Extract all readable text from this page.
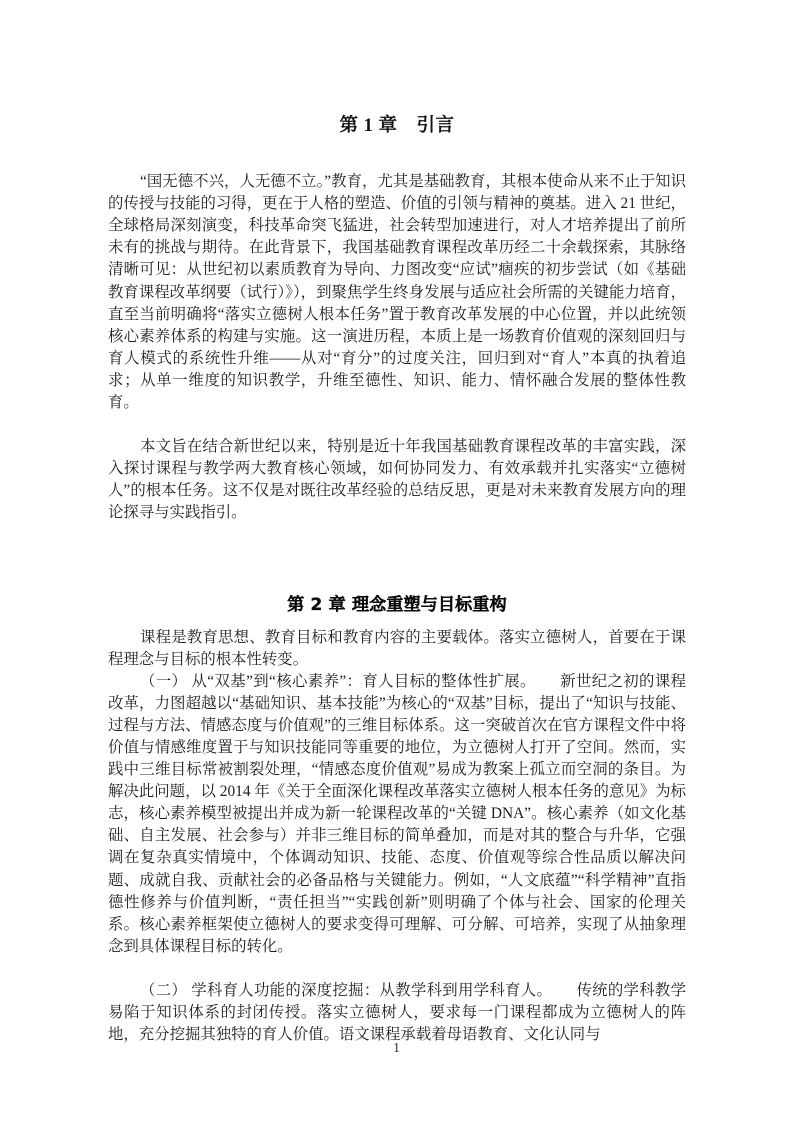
第 1 章　引言

“国无德不兴，人无德不立。”教育，尤其是基础教育，其根本使命从来不止于知识的传授与技能的习得，更在于人格的塑造、价值的引领与精神的奠基。进入 21 世纪，全球格局深刻演变，科技革命突飞猛进，社会转型加速进行，对人才培养提出了前所未有的挑战与期待。在此背景下，我国基础教育课程改革历经二十余载探索，其脉络清晰可见：从世纪初以素质教育为导向、力图改变“应试”痼疾的初步尝试（如《基础教育课程改革纲要（试行）》），到聚焦学生终身发展与适应社会所需的关键能力培育，直至当前明确将“落实立德树人根本任务”置于教育改革发展的中心位置，并以此统领核心素养体系的构建与实施。这一演进历程，本质上是一场教育价值观的深刻回归与育人模式的系统性升维——从对“育分”的过度关注，回归到对“育人”本真的执着追求；从单一维度的知识教学，升维至德性、知识、能力、情怀融合发展的整体性教育。

本文旨在结合新世纪以来，特别是近十年我国基础教育课程改革的丰富实践，深入探讨课程与教学两大教育核心领域，如何协同发力、有效承载并扎实落实“立德树人”的根本任务。这不仅是对既往改革经验的总结反思，更是对未来教育发展方向的理论探寻与实践指引。

第 2 章 理念重塑与目标重构

课程是教育思想、教育目标和教育内容的主要载体。落实立德树人，首要在于课程理念与目标的根本性转变。

（一） 从“双基”到“核心素养”：育人目标的整体性扩展。 新世纪之初的课程改革，力图超越以“基础知识、基本技能”为核心的“双基”目标，提出了“知识与技能、过程与方法、情感态度与价值观”的三维目标体系。这一突破首次在官方课程文件中将价值与情感维度置于与知识技能同等重要的地位，为立德树人打开了空间。然而，实践中三维目标常被割裂处理，“情感态度价值观”易成为教案上孤立而空洞的条目。为解决此问题，以 2014 年《关于全面深化课程改革落实立德树人根本任务的意见》为标志，核心素养模型被提出并成为新一轮课程改革的“关键 DNA”。核心素养（如文化基础、自主发展、社会参与）并非三维目标的简单叠加，而是对其的整合与升华，它强调在复杂真实情境中，个体调动知识、技能、态度、价值观等综合性品质以解决问题、成就自我、贡献社会的必备品格与关键能力。例如，“人文底蕴”“科学精神”直指德性修养与价值判断，“责任担当”“实践创新”则明确了个体与社会、国家的伦理关系。核心素养框架使立德树人的要求变得可理解、可分解、可培养，实现了从抽象理念到具体课程目标的转化。

（二） 学科育人功能的深度挖掘：从教学科到用学科育人。 传统的学科教学易陷于知识体系的封闭传授。落实立德树人，要求每一门课程都成为立德树人的阵地，充分挖掘其独特的育人价值。语文课程承载着母语教育、文化认同与

1
